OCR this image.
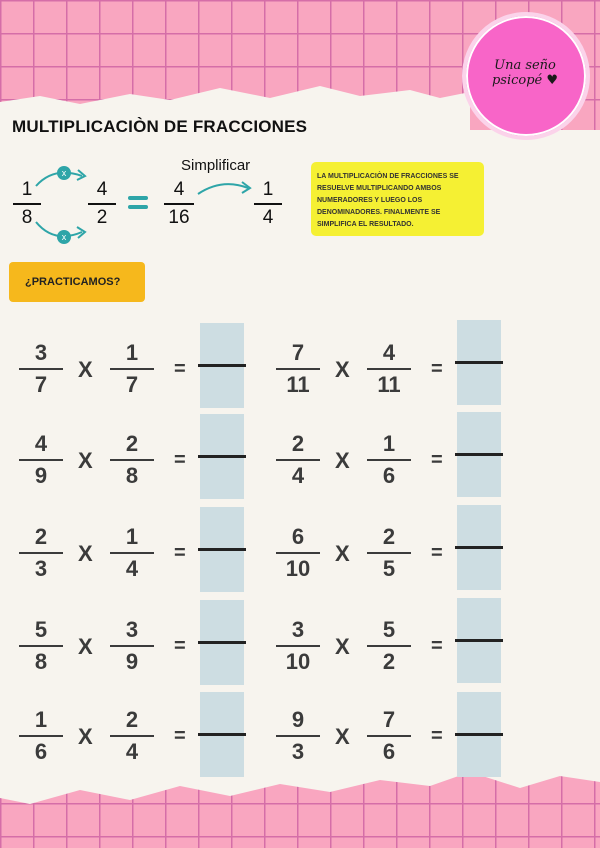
Una seño psicopé ♥
MULTIPLICACIÒN DE FRACCIONES
1
8
4
2
x
x
4
16
Simplificar
1
4
LA MULTIPLICACIÒN DE FRACCIONES SE RESUELVE MULTIPLICANDO AMBOS NUMERADORES Y LUEGO LOS DENOMINADORES. FINALMENTE SE SIMPLIFICA EL RESULTADO.
¿PRACTICAMOS?
3
7
X
1
7
=
7
11
X
4
11
=
4
9
X
2
8
=
2
4
X
1
6
=
2
3
X
1
4
=
6
10
X
2
5
=
5
8
X
3
9
=
3
10
X
5
2
=
1
6
X
2
4
=
9
3
X
7
6
=
